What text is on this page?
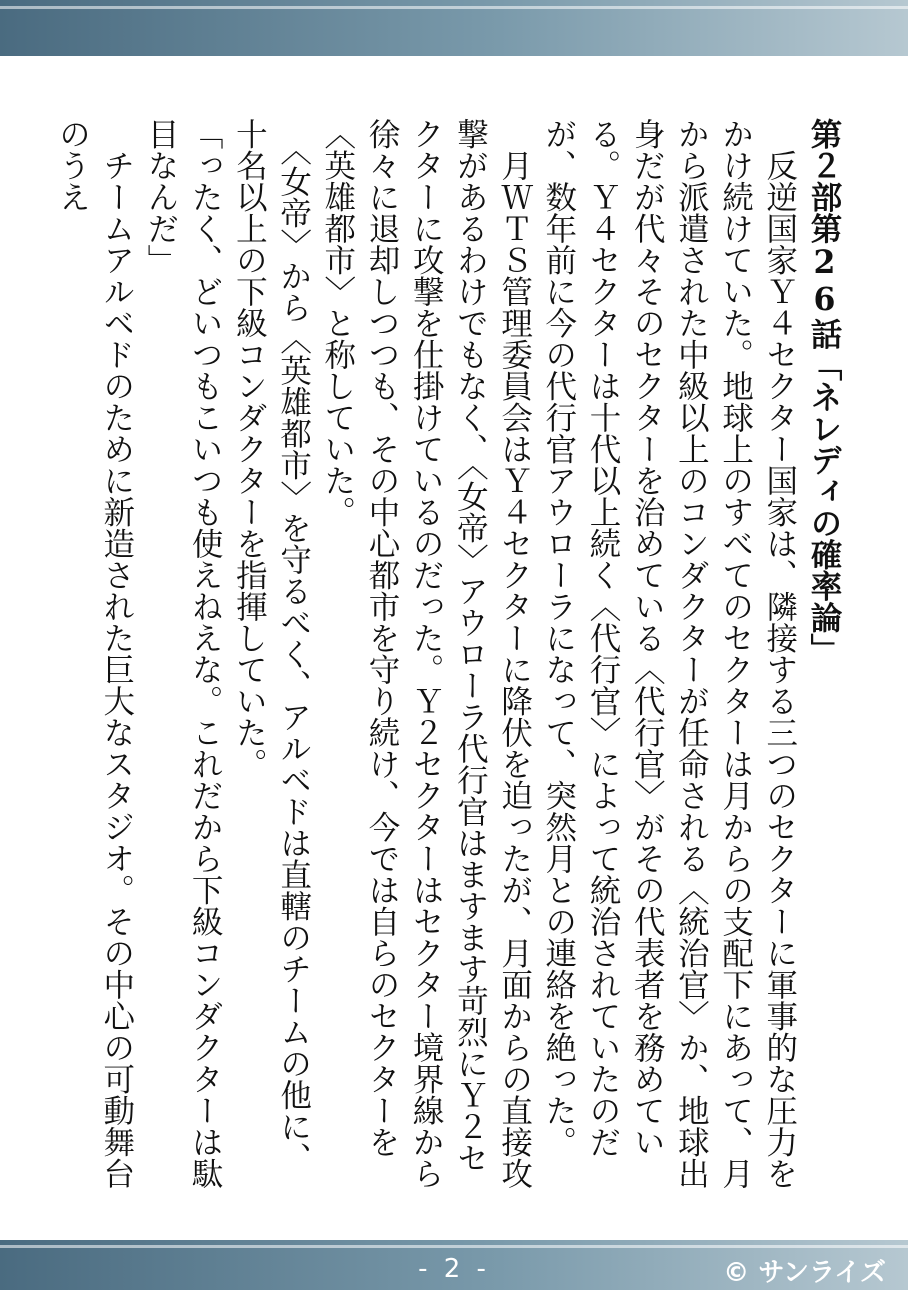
第２部第26話「ネレディの確率論」

　反逆国家Ｙ４セクター国家は、隣接する三つのセクターに軍事的な圧力をかけ続けていた。地球上のすべてのセクターは月からの支配下にあって、月から派遣された中級以上のコンダクターが任命される〈統治官〉か、地球出身だが代々そのセクターを治めている〈代行官〉がその代表者を務めている。Ｙ４セクターは十代以上続く〈代行官〉によって統治されていたのだが、数年前に今の代行官アウローラになって、突然月との連絡を絶った。

　月ＷＴＳ管理委員会はＹ４セクターに降伏を迫ったが、月面からの直接攻撃があるわけでもなく、〈女帝〉アウローラ代行官はますます苛烈にＹ２セクターに攻撃を仕掛けているのだった。Ｙ２セクターはセクター境界線から徐々に退却しつつも、その中心都市を守り続け、今では自らのセクターを〈英雄都市〉と称していた。

　〈女帝〉から〈英雄都市〉を守るべく、アルベドは直轄のチームの他に、十名以上の下級コンダクターを指揮していた。

「ったく、どいつもこいつも使えねえな。これだから下級コンダクターは駄目なんだ」

　チームアルベドのために新造された巨大なスタジオ。その中心の可動舞台のうえ

- 2 -	© サンライズ
